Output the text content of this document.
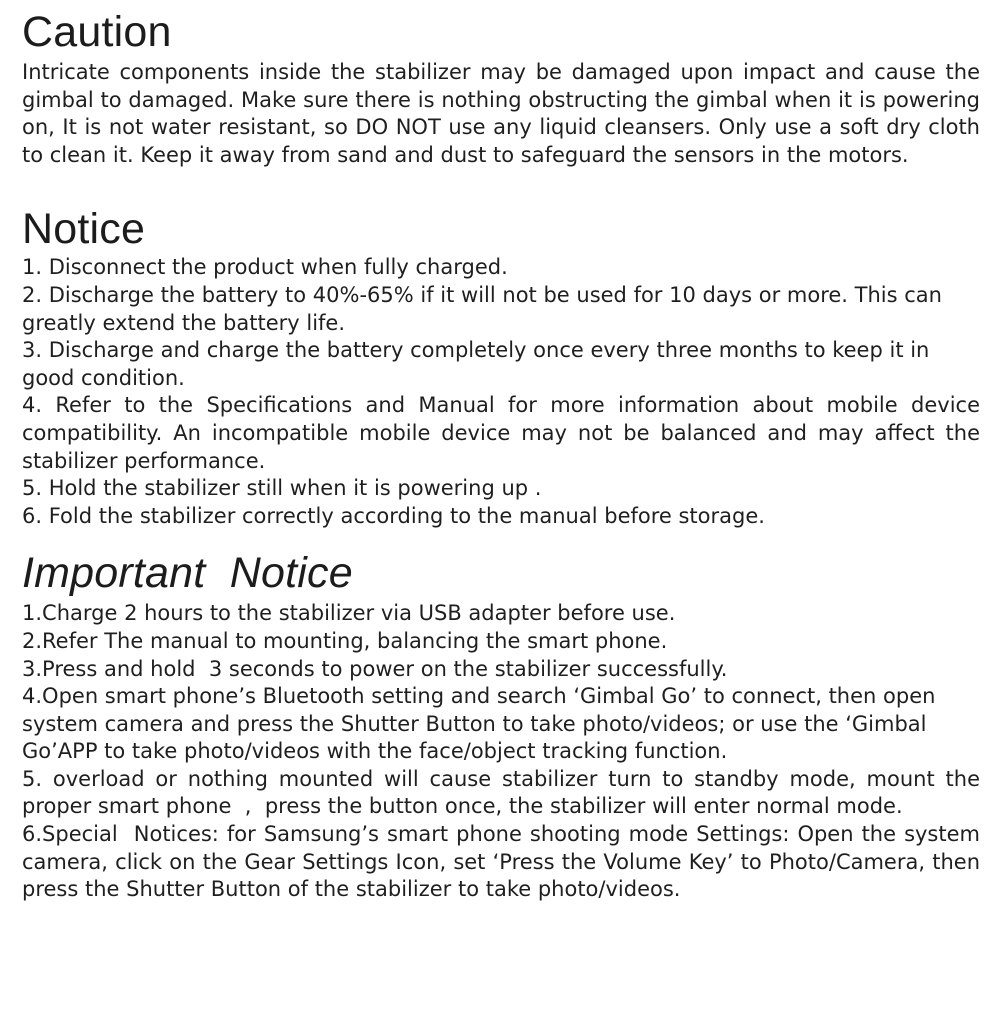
Caution

Intricate components inside the stabilizer may be damaged upon impact and cause the gimbal to damaged. Make sure there is nothing obstructing the gimbal when it is powering on, It is not water resistant, so DO NOT use any liquid cleansers. Only use a soft dry cloth to clean it. Keep it away from sand and dust to safeguard the sensors in the motors.

Notice
1. Disconnect the product when fully charged.
2. Discharge the battery to 40%-65% if it will not be used for 10 days or more. This can greatly extend the battery life.
3. Discharge and charge the battery completely once every three months to keep it in good condition.
4. Refer to the Specifications and Manual for more information about mobile device compatibility. An incompatible mobile device may not be balanced and may affect the stabilizer performance.
5. Hold the stabilizer still when it is powering up .
6. Fold the stabilizer correctly according to the manual before storage.
Important  Notice
1.Charge 2 hours to the stabilizer via USB adapter before use.
2.Refer The manual to mounting, balancing the smart phone.
3.Press and hold  3 seconds to power on the stabilizer successfully.
4.Open smart phone’s Bluetooth setting and search ‘Gimbal Go’ to connect, then open system camera and press the Shutter Button to take photo/videos; or use the ‘Gimbal Go’APP to take photo/videos with the face/object tracking function.
5. overload or nothing mounted will cause stabilizer turn to standby mode, mount the proper smart phone  ,  press the button once, the stabilizer will enter normal mode.
6.Special  Notices: for Samsung’s smart phone shooting mode Settings: Open the system camera, click on the Gear Settings Icon, set ‘Press the Volume Key’ to Photo/Camera, then press the Shutter Button of the stabilizer to take photo/videos.
